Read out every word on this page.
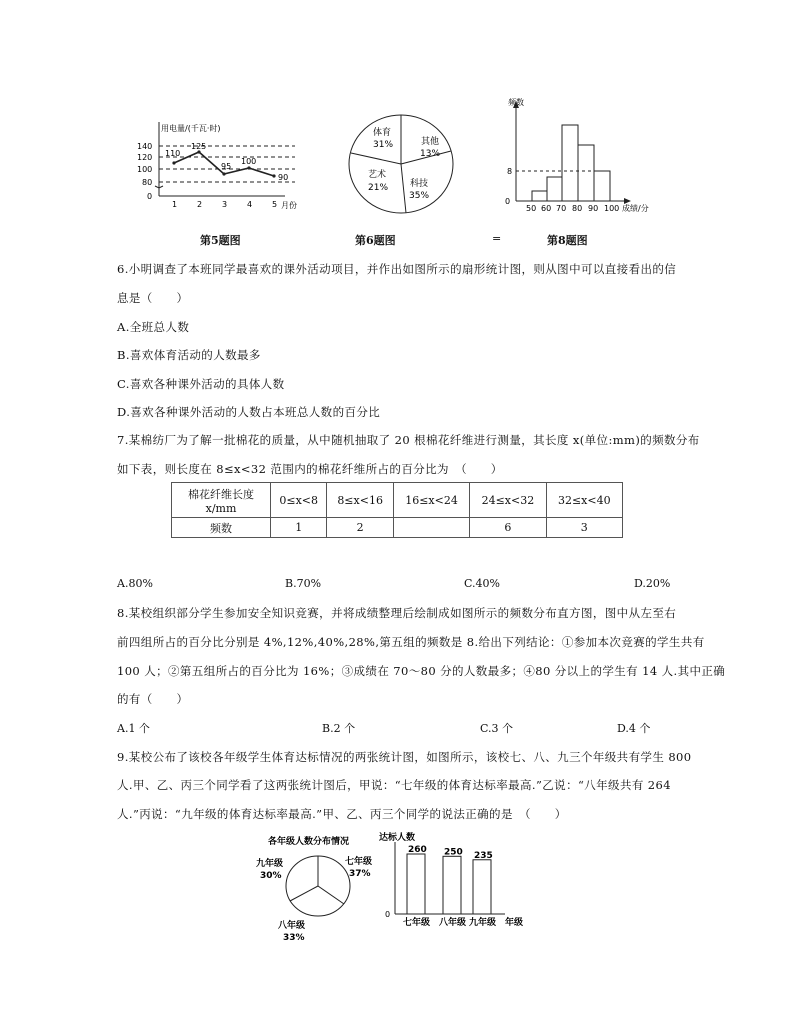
用电量/(千瓦·时)
140
120
100
80
0
1 2 3 4 5 月份
110
125
95
100
90
体育
31%	其他
13%
科技
35%
艺术
21%
频数
8
0
50 60 70 80 90 100 成绩/分
第5题图	第6题图	=	第8题图
6.小明调查了本班同学最喜欢的课外活动项目，并作出如图所示的扇形统计图，则从图中可以直接看出的信
息是（　　）
A.全班总人数
B.喜欢体育活动的人数最多
C.喜欢各种课外活动的具体人数
D.喜欢各种课外活动的人数占本班总人数的百分比
7.某棉纺厂为了解一批棉花的质量，从中随机抽取了 20 根棉花纤维进行测量，其长度 x(单位:mm)的频数分布
如下表，则长度在 8≤x<32 范围内的棉花纤维所占的百分比为　（　　）
棉花纤维长度 x/mm	0≤x<8	8≤x<16	16≤x<24	24≤x<32	32≤x<40
频数	1	2		6	3
A.80%	B.70%	C.40%	D.20%
8.某校组织部分学生参加安全知识竞赛，并将成绩整理后绘制成如图所示的频数分布直方图，图中从左至右
前四组所占的百分比分别是 4%,12%,40%,28%,第五组的频数是 8.给出下列结论：①参加本次竞赛的学生共有
100 人；②第五组所占的百分比为 16%；③成绩在 70～80 分的人数最多；④80 分以上的学生有 14 人.其中正确
的有（　　）
A.1 个	B.2 个	C.3 个	D.4 个
9.某校公布了该校各年级学生体育达标情况的两张统计图，如图所示，该校七、八、九三个年级共有学生 800
人.甲、乙、丙三个同学看了这两张统计图后，甲说：“七年级的体育达标率最高.”乙说：“八年级共有 264
人.”丙说：“九年级的体育达标率最高.”甲、乙、丙三个同学的说法正确的是　（　　）
各年级人数分布情况
七年级
37%
八年级
33%
九年级
30%
达标人数
0
年级
260
七年级
250
八年级
235
九年级
